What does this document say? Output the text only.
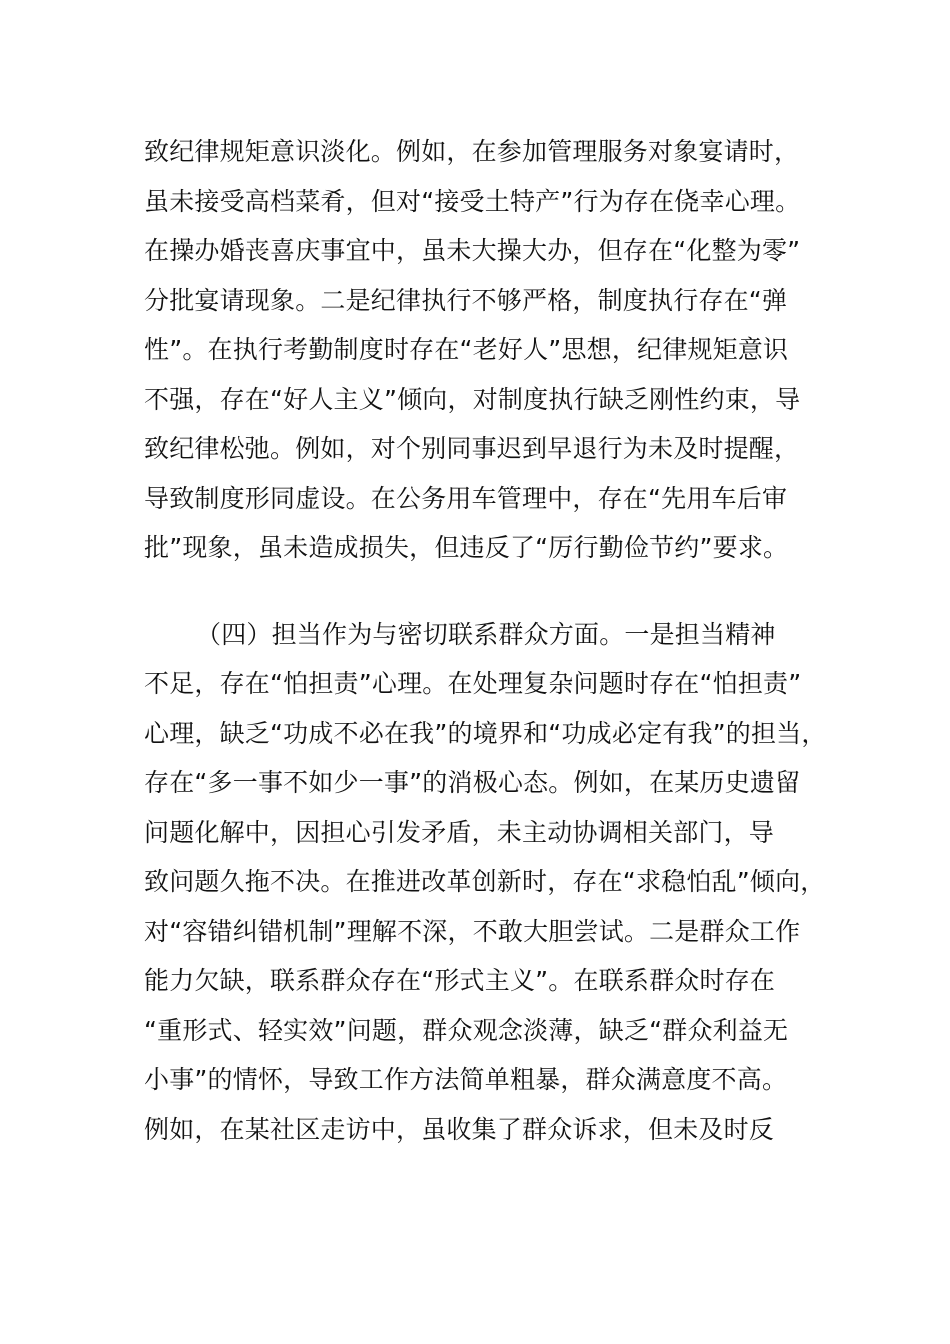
致纪律规矩意识淡化。例如，在参加管理服务对象宴请时，
虽未接受高档菜肴，但对“接受土特产”行为存在侥幸心理。
在操办婚丧喜庆事宜中，虽未大操大办，但存在“化整为零”
分批宴请现象。二是纪律执行不够严格，制度执行存在“弹
性”。在执行考勤制度时存在“老好人”思想，纪律规矩意识
不强，存在“好人主义”倾向，对制度执行缺乏刚性约束，导
致纪律松弛。例如，对个别同事迟到早退行为未及时提醒，
导致制度形同虚设。在公务用车管理中，存在“先用车后审
批”现象，虽未造成损失，但违反了“厉行勤俭节约”要求。
（四）担当作为与密切联系群众方面。一是担当精神
不足，存在“怕担责”心理。在处理复杂问题时存在“怕担责”
心理，缺乏“功成不必在我”的境界和“功成必定有我”的担当，
存在“多一事不如少一事”的消极心态。例如，在某历史遗留
问题化解中，因担心引发矛盾，未主动协调相关部门，导
致问题久拖不决。在推进改革创新时，存在“求稳怕乱”倾向，
对“容错纠错机制”理解不深，不敢大胆尝试。二是群众工作
能力欠缺，联系群众存在“形式主义”。在联系群众时存在
“重形式、轻实效”问题，群众观念淡薄，缺乏“群众利益无
小事”的情怀，导致工作方法简单粗暴，群众满意度不高。
例如，在某社区走访中，虽收集了群众诉求，但未及时反
